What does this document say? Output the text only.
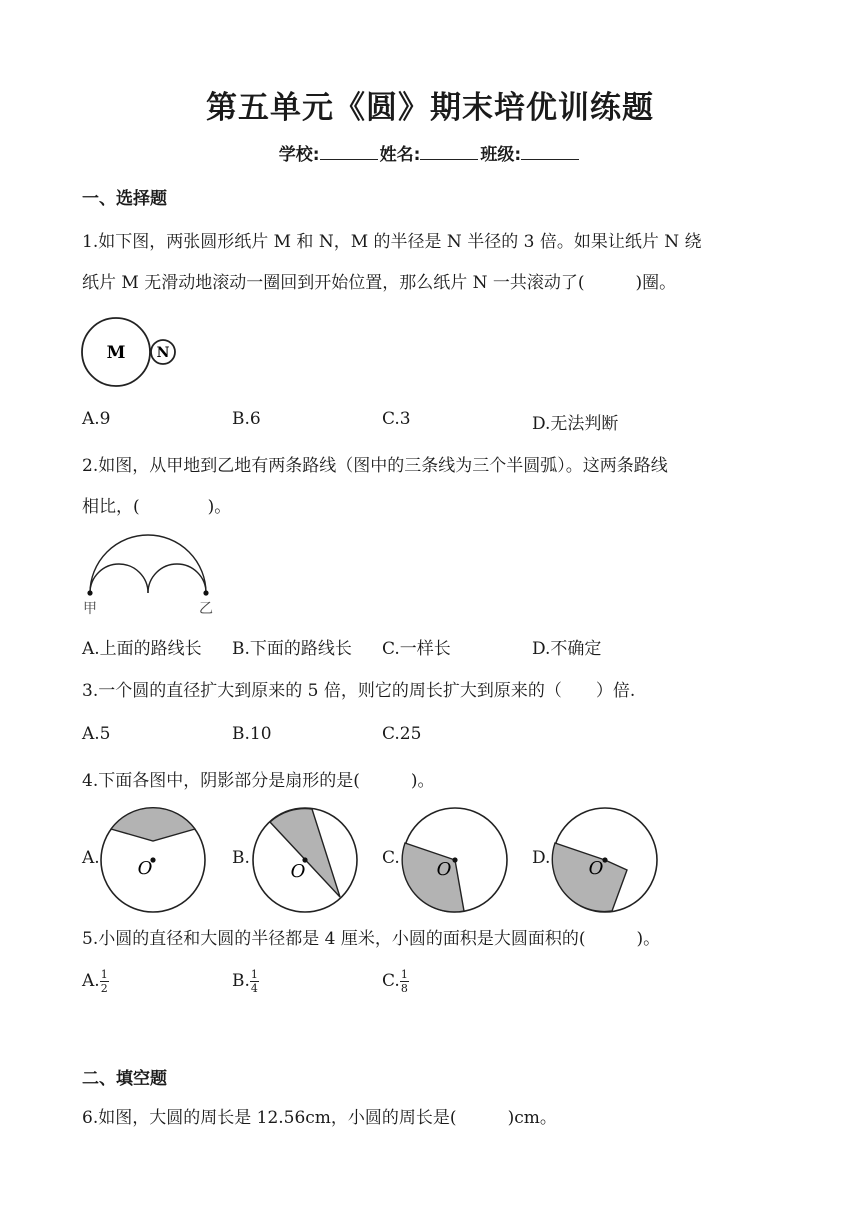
第五单元《圆》期末培优训练题
学校:	姓名:	班级:
一、选择题
1.如下图，两张圆形纸片 M 和 N，M 的半径是 N 半径的 3 倍。如果让纸片 N 绕
纸片 M 无滑动地滚动一圈回到开始位置，那么纸片 N 一共滚动了(　　　)圈。
M N
A.9	B.6	C.3	D.无法判断
2.如图，从甲地到乙地有两条路线（图中的三条线为三个半圆弧）。这两条路线
相比，(　　　　)。
甲	乙
A.上面的路线长 B.下面的路线长 C.一样长	D.不确定
3.一个圆的直径扩大到原来的 5 倍，则它的周长扩大到原来的（　　）倍.
A.5	B.10	C.25
4.下面各图中，阴影部分是扇形的是(　　　)。
A.	B.	C.	D.
O	O	O	O
5.小圆的直径和大圆的半径都是 4 厘米，小圆的面积是大圆面积的(　　　)。
A. $\frac{1}{2}$	B. $\frac{1}{4}$	C. $\frac{1}{8}$
二、填空题
6.如图，大圆的周长是 12.56cm，小圆的周长是(　　　)cm。
